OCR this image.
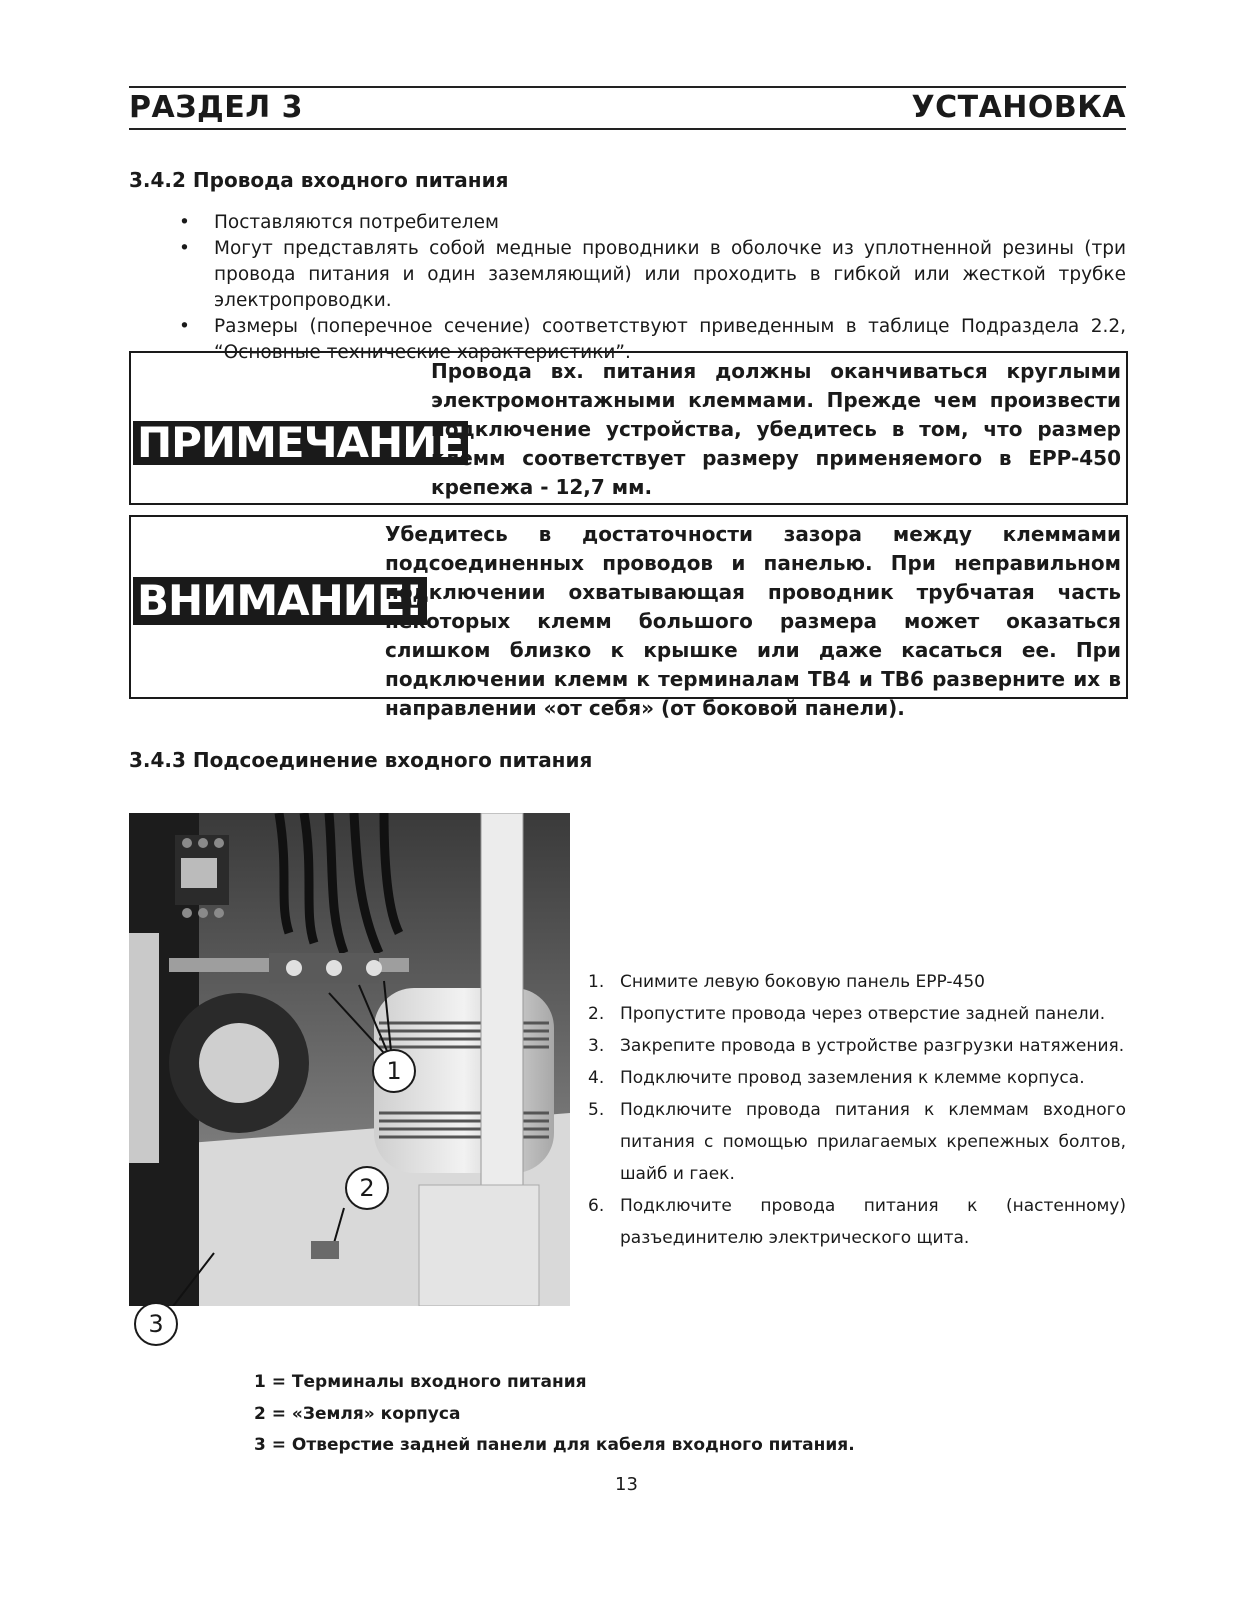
РАЗДЕЛ 3	УСТАНОВКА
3.4.2 Провода входного питания
• Поставляются потребителем
• Могут представлять собой медные проводники в оболочке из уплотненной резины (три провода питания и один заземляющий) или проходить в гибкой или жесткой трубке электропроводки.
• Размеры (поперечное сечение) соответствуют приведенным в таблице Подраздела 2.2, “Основные технические характеристики”.
ПРИМЕЧАНИЕ
Провода вх. питания должны оканчиваться круглыми электромонтажными клеммами. Прежде чем произвести подключение устройства, убедитесь в том, что размер клемм соответствует размеру применяемого в EPP-450 крепежа - 12,7 мм.
ВНИМАНИЕ!
Убедитесь в достаточности зазора между клеммами подсоединенных проводов и панелью. При неправильном подключении охватывающая проводник трубчатая часть некоторых клемм большого размера может оказаться слишком близко к крышке или даже касаться ее. При подключении клемм к терминалам TB4 и TB6 разверните их в направлении «от себя» (от боковой панели).
3.4.3 Подсоединение входного питания
1
2
3
1. Снимите левую боковую панель EPP-450
2. Пропустите провода через отверстие задней панели.
3. Закрепите провода в устройстве разгрузки натяжения.
4. Подключите провод заземления к клемме корпуса.
5. Подключите провода питания к клеммам входного питания с помощью прилагаемых крепежных болтов, шайб и гаек.
6. Подключите провода питания к (настенному) разъединителю электрического щита.
1 = Терминалы входного питания
2 = «Земля» корпуса
3 = Отверстие задней панели для кабеля входного питания.
13
